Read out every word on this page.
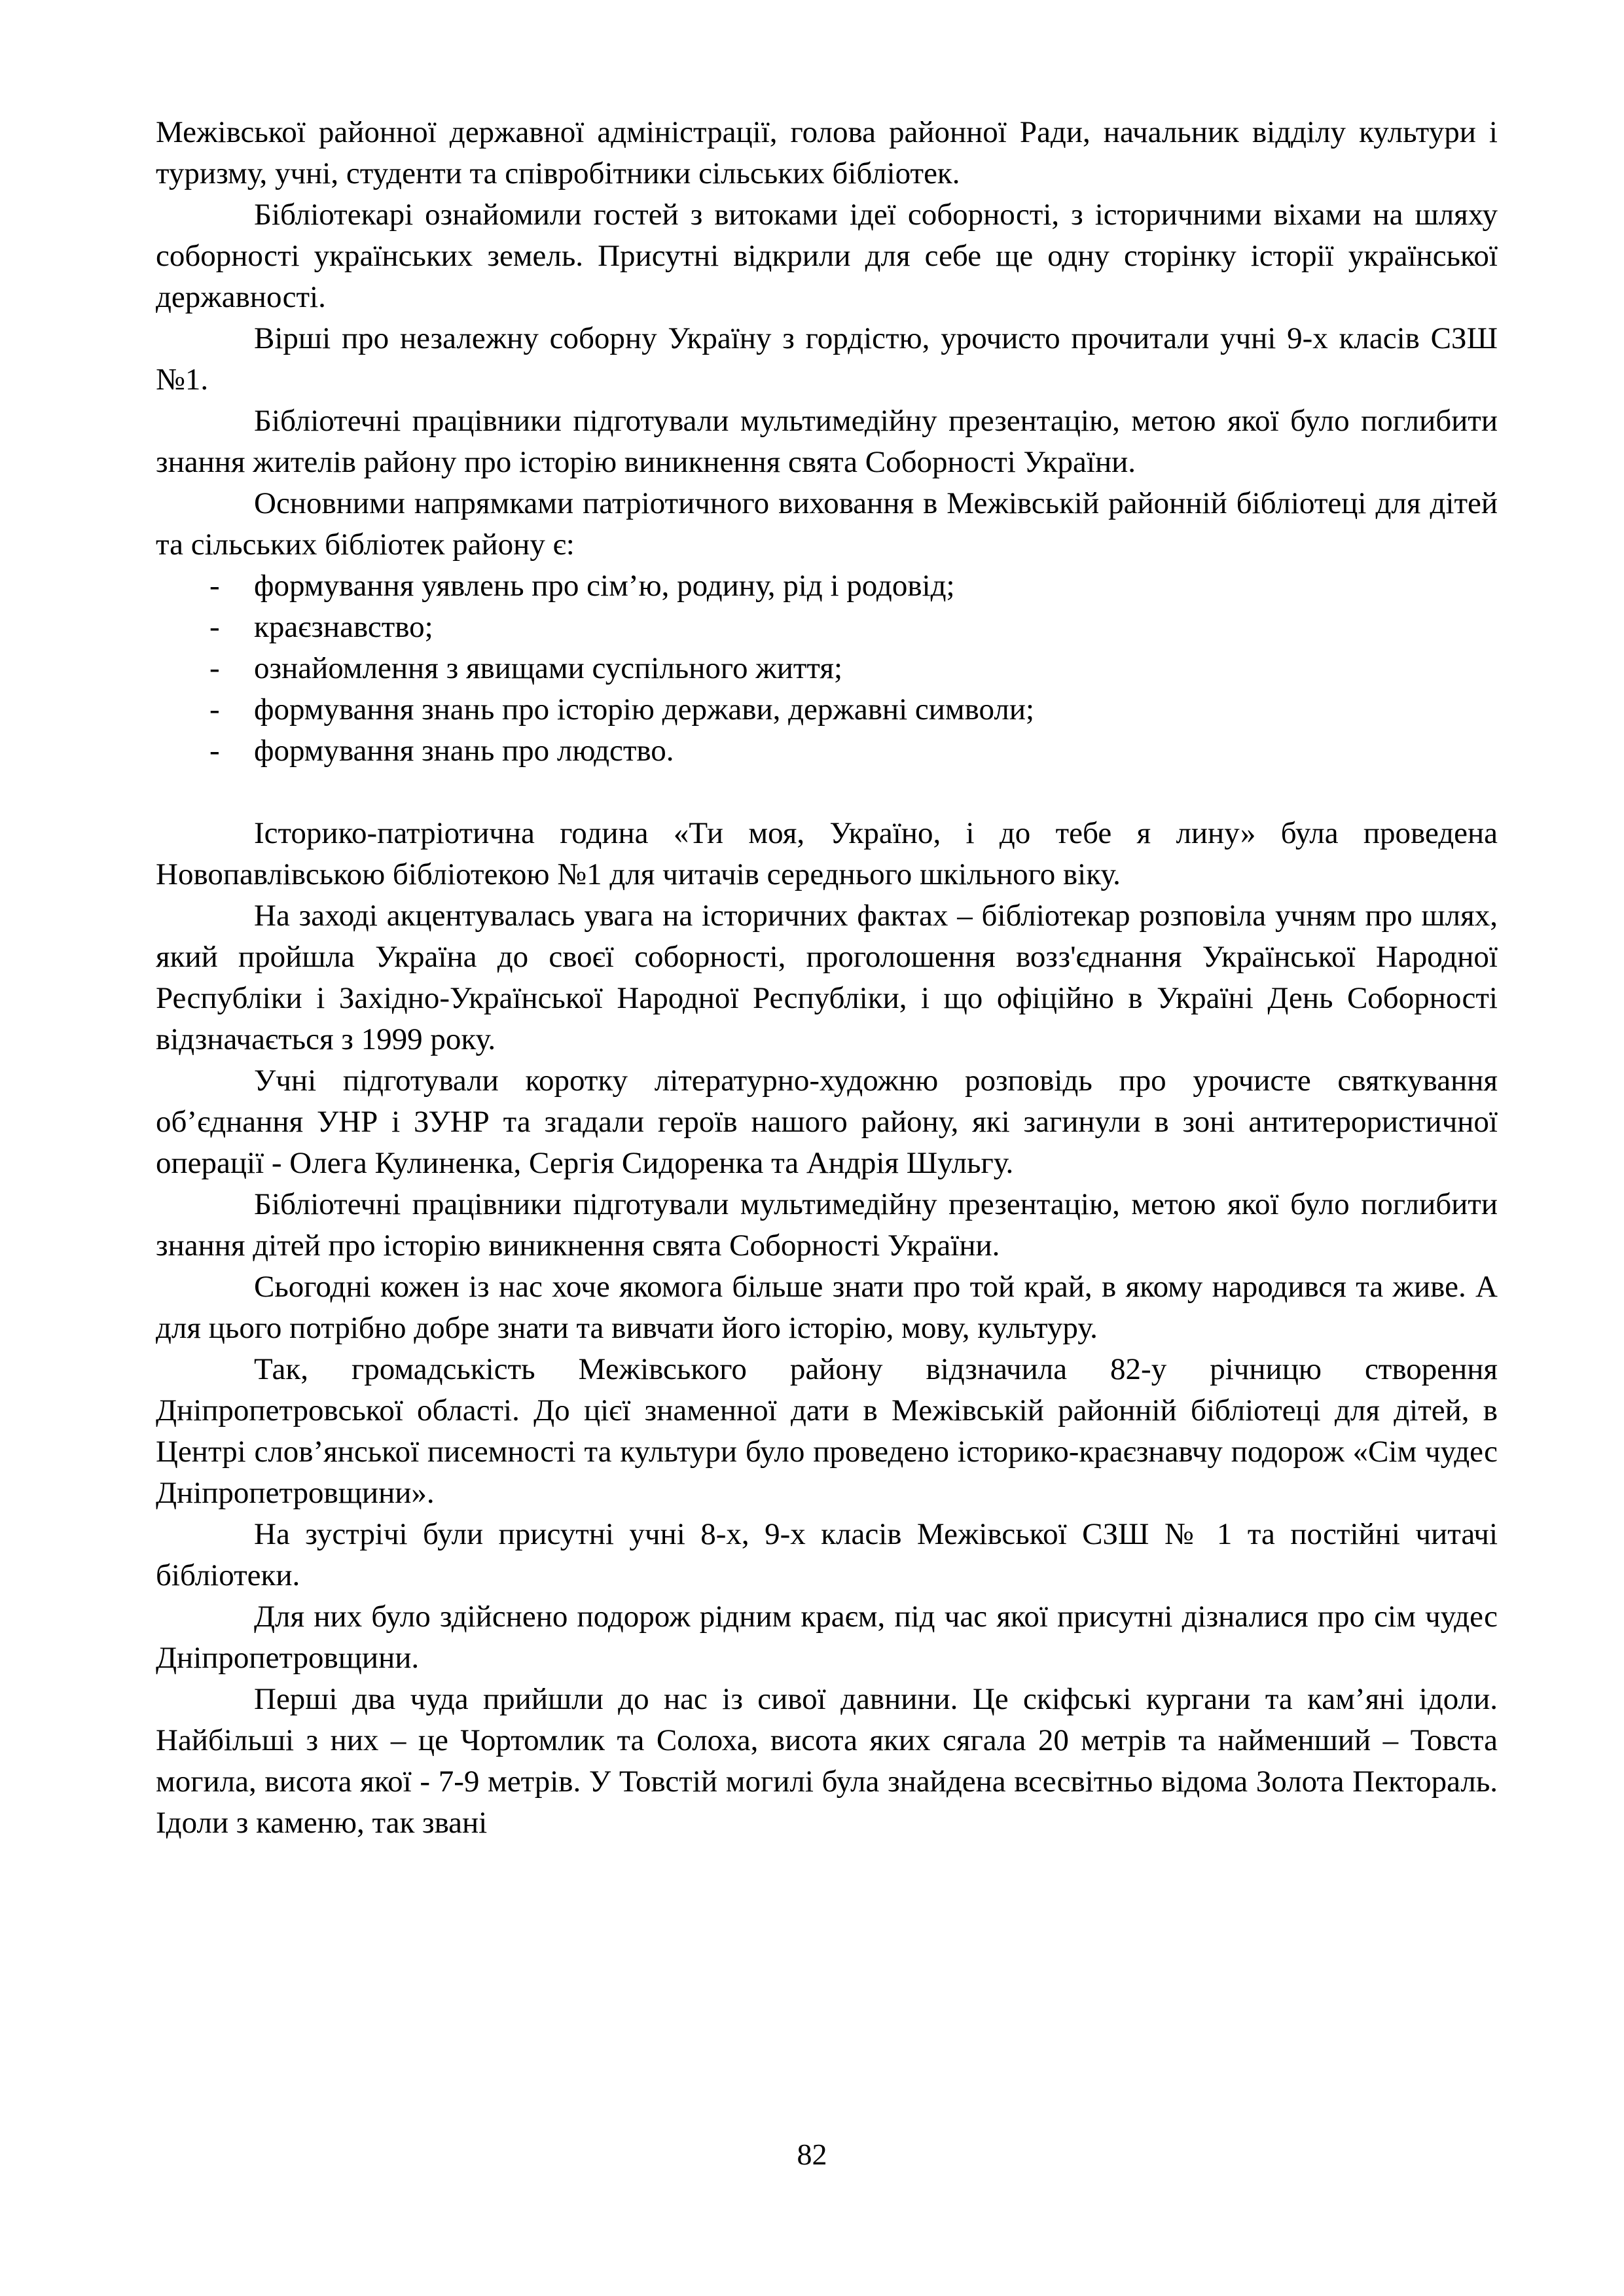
Межівської районної державної адміністрації, голова районної Ради, начальник відділу культури і туризму, учні, студенти та співробітники сільських бібліотек.

Бібліотекарі ознайомили гостей з витоками ідеї соборності, з історичними віхами на шляху соборності українських земель. Присутні відкрили для себе ще одну сторінку історії української державності.

Вірші про незалежну соборну Україну з гордістю, урочисто прочитали учні 9-х класів СЗШ №1.

Бібліотечні працівники підготували мультимедійну презентацію, метою якої було поглибити знання жителів району про історію виникнення свята Соборності України.

Основними напрямками патріотичного виховання в Межівській районній бібліотеці для дітей та сільських бібліотек району є:

- формування уявлень про сім’ю, родину, рід і родовід;
- краєзнавство;
- ознайомлення з явищами суспільного життя;
- формування знань про історію держави, державні символи;
- формування знань про людство.

Історико-патріотична година «Ти моя, Україно, і до тебе я лину» була проведена Новопавлівською бібліотекою №1 для читачів середнього шкільного віку.

На заході акцентувалась увага на історичних фактах – бібліотекар розповіла учням про шлях, який пройшла Україна до своєї соборності, проголошення возз'єднання Української Народної Республіки і Західно-Української Народної Республіки, і що офіційно в Україні День Соборності відзначається з 1999 року.

Учні підготували коротку літературно-художню розповідь про урочисте святкування об’єднання УНР і ЗУНР та згадали героїв нашого району, які загинули в зоні антитерористичної операції - Олега Кулиненка, Сергія Сидоренка та Андрія Шульгу.

Бібліотечні працівники підготували мультимедійну презентацію, метою якої було поглибити знання дітей про історію виникнення свята Соборності України.

Сьогодні кожен із нас хоче якомога більше знати про той край, в якому народився та живе. А для цього потрібно добре знати та вивчати його історію, мову, культуру.

Так, громадськість Межівського району відзначила 82-у річницю створення Дніпропетровської області. До цієї знаменної дати в Межівській районній бібліотеці для дітей, в Центрі слов’янської писемності та культури було проведено історико-краєзнавчу подорож «Сім чудес Дніпропетровщини».

На зустрічі були присутні учні 8-х, 9-х класів Межівської СЗШ № 1 та постійні читачі бібліотеки.

Для них було здійснено подорож рідним краєм, під час якої присутні дізналися про сім чудес Дніпропетровщини.

Перші два чуда прийшли до нас із сивої давнини. Це скіфські кургани та кам’яні ідоли. Найбільші з них – це Чортомлик та Солоха, висота яких сягала 20 метрів та найменший – Товста могила, висота якої - 7-9 метрів. У Товстій могилі була знайдена всесвітньо відома Золота Пектораль. Ідоли з каменю, так звані

82
